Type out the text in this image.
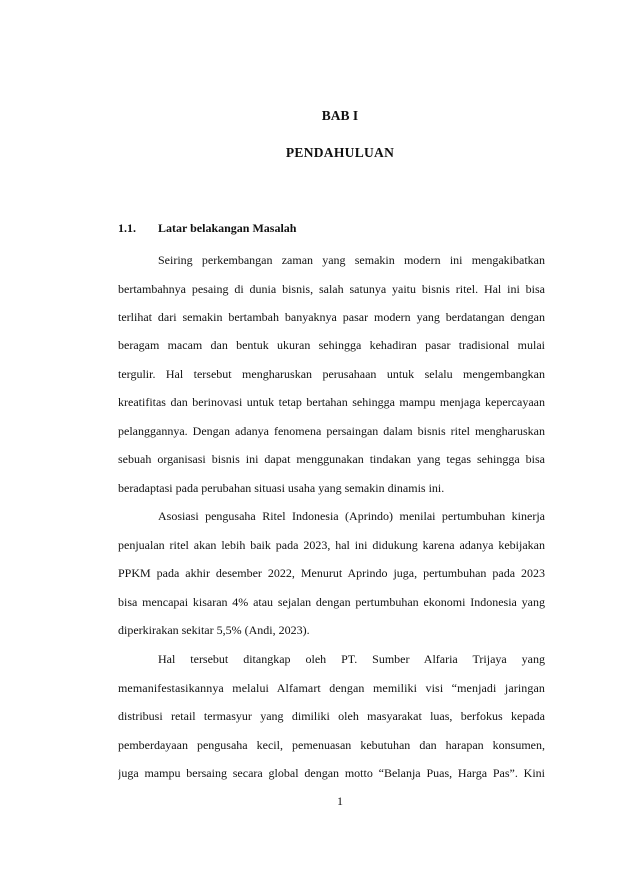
BAB I
PENDAHULUAN
1.1. Latar belakangan Masalah
Seiring perkembangan zaman yang semakin modern ini mengakibatkan
bertambahnya pesaing di dunia bisnis, salah satunya yaitu bisnis ritel. Hal ini bisa
terlihat dari semakin bertambah banyaknya pasar modern yang berdatangan dengan
beragam macam dan bentuk ukuran sehingga kehadiran pasar tradisional mulai
tergulir. Hal tersebut mengharuskan perusahaan untuk selalu mengembangkan
kreatifitas dan berinovasi untuk tetap bertahan sehingga mampu menjaga kepercayaan
pelanggannya. Dengan adanya fenomena persaingan dalam bisnis ritel mengharuskan
sebuah organisasi bisnis ini dapat menggunakan tindakan yang tegas sehingga bisa
beradaptasi pada perubahan situasi usaha yang semakin dinamis ini.
Asosiasi pengusaha Ritel Indonesia (Aprindo) menilai pertumbuhan kinerja
penjualan ritel akan lebih baik pada 2023, hal ini didukung karena adanya kebijakan
PPKM pada akhir desember 2022, Menurut Aprindo juga, pertumbuhan pada 2023
bisa mencapai kisaran 4% atau sejalan dengan pertumbuhan ekonomi Indonesia yang
diperkirakan sekitar 5,5% (Andi, 2023).
Hal tersebut ditangkap oleh PT. Sumber Alfaria Trijaya yang
memanifestasikannya melalui Alfamart dengan memiliki visi “menjadi jaringan
distribusi retail termasyur yang dimiliki oleh masyarakat luas, berfokus kepada
pemberdayaan pengusaha kecil, pemenuasan kebutuhan dan harapan konsumen,
juga mampu bersaing secara global dengan motto “Belanja Puas, Harga Pas”. Kini
1
